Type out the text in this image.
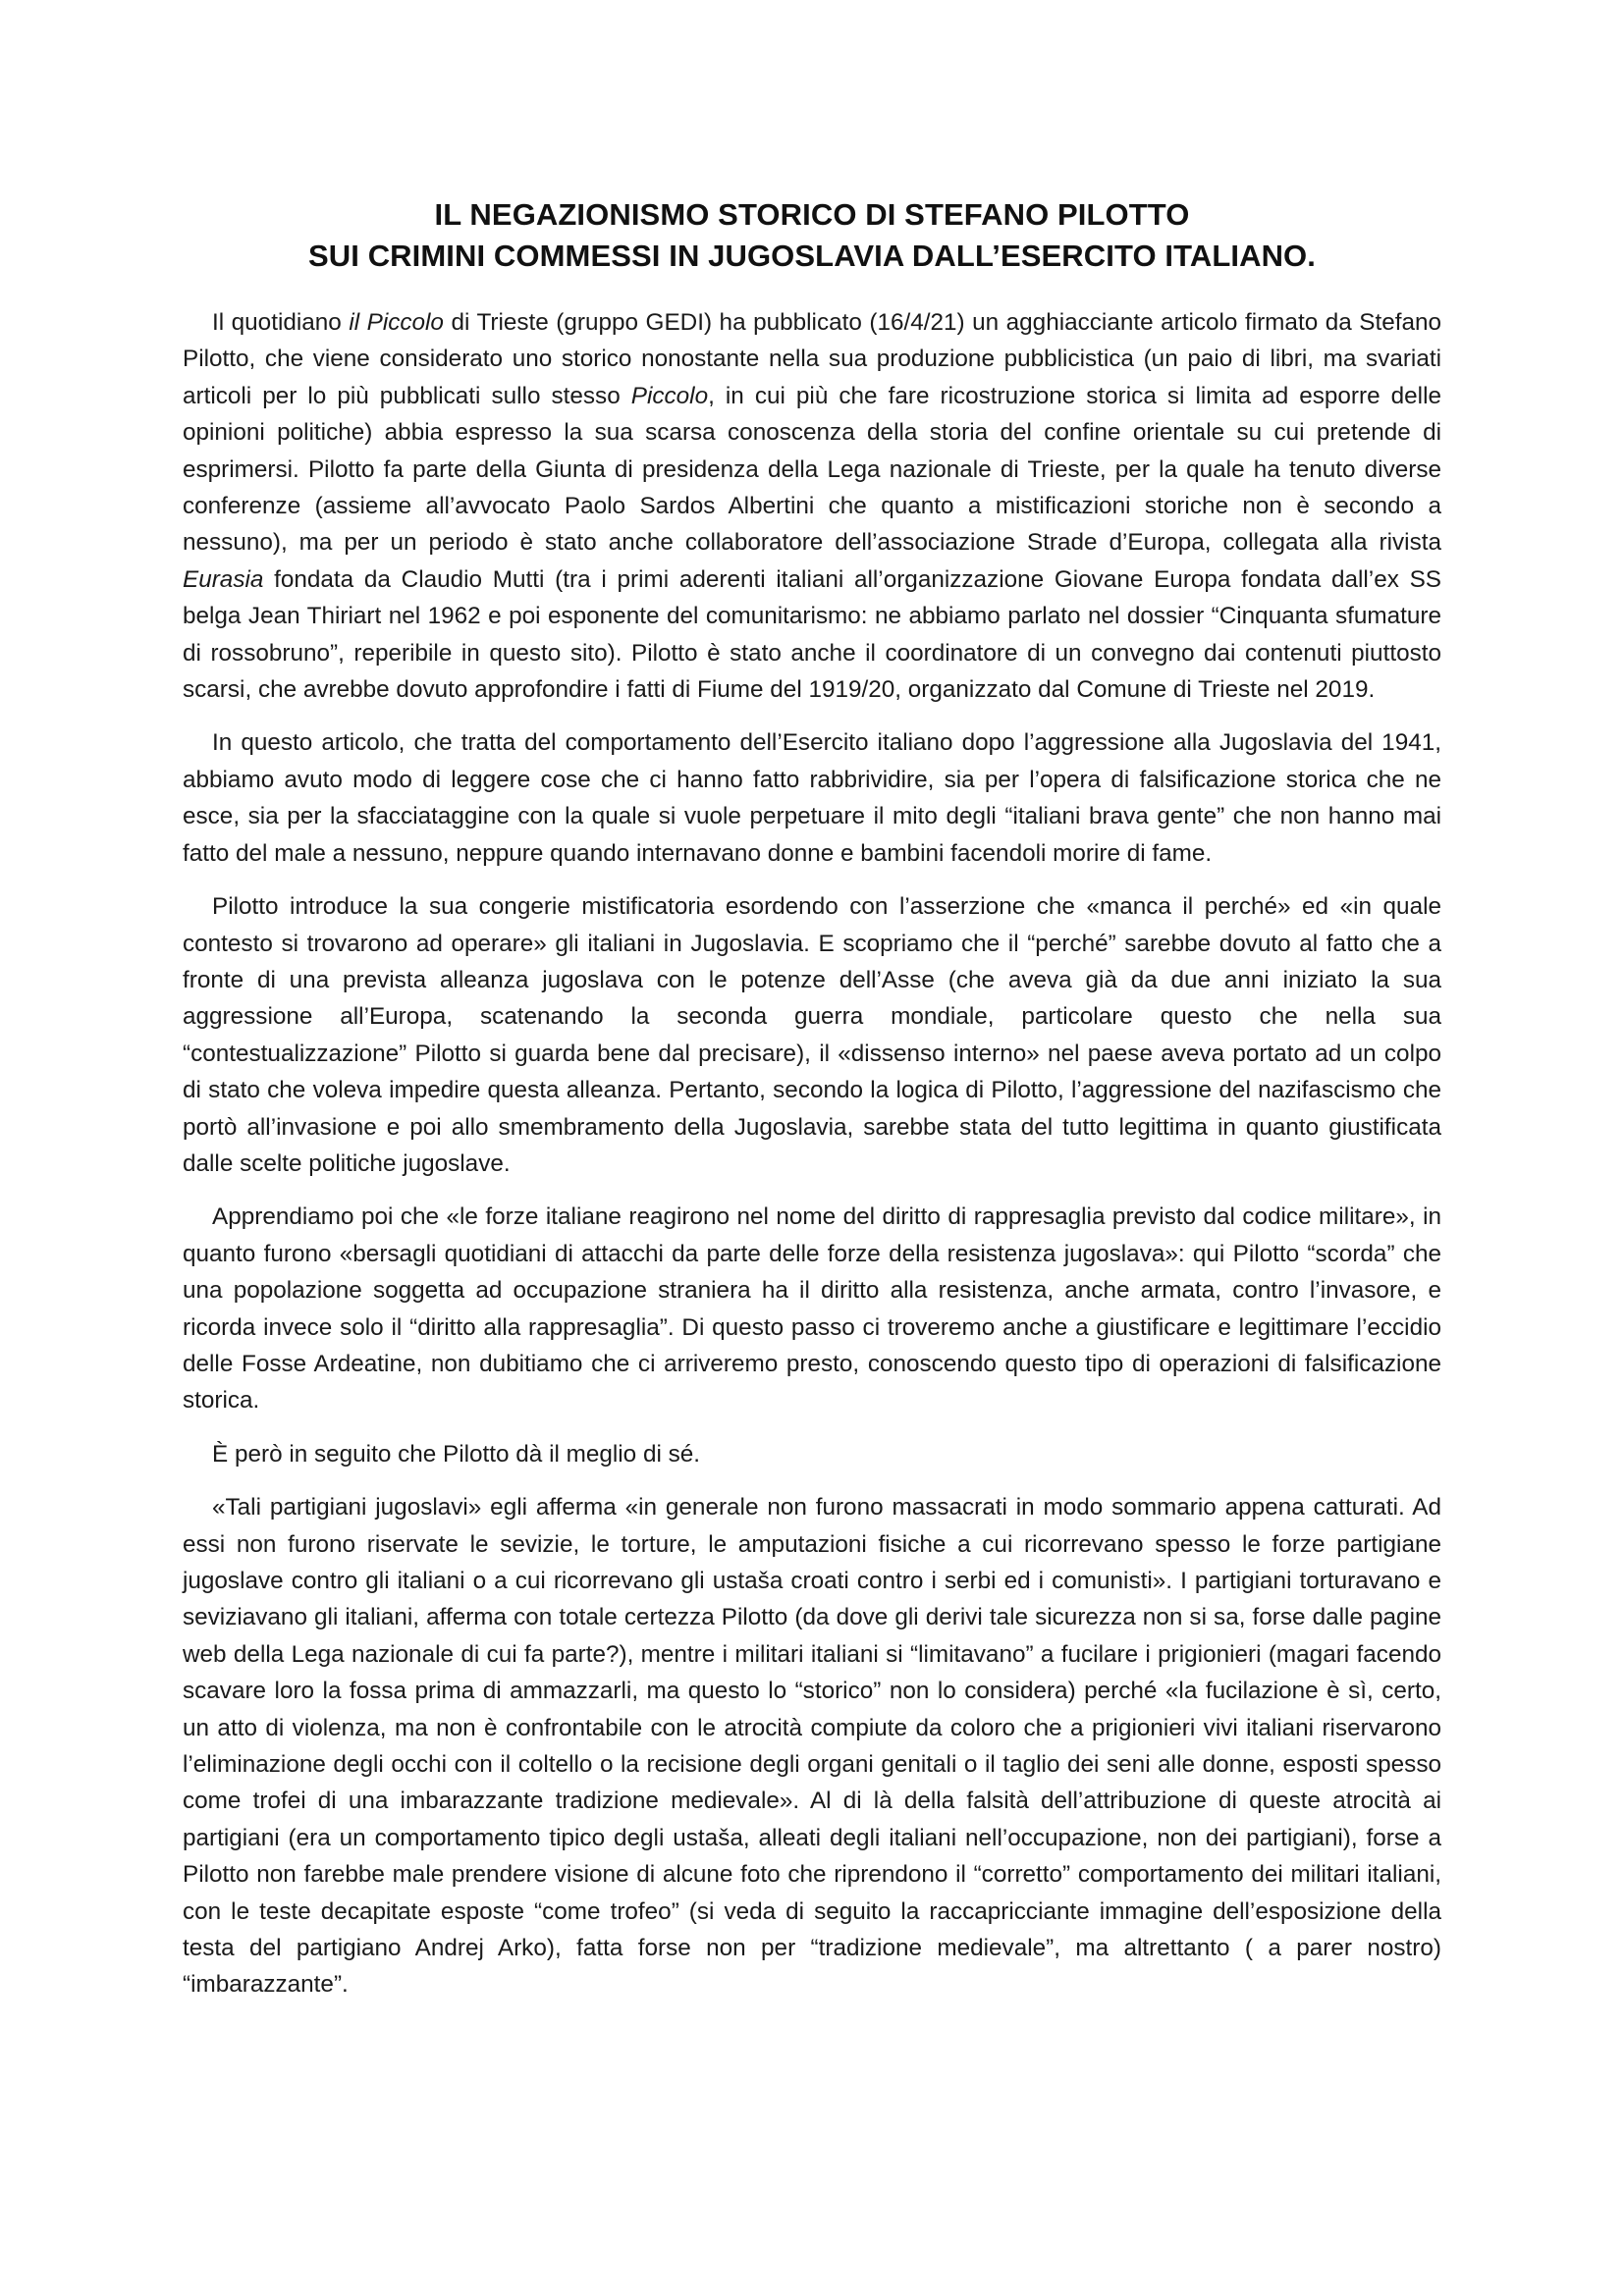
IL NEGAZIONISMO STORICO DI STEFANO PILOTTO

SUI CRIMINI COMMESSI IN JUGOSLAVIA DALL’ESERCITO ITALIANO.

Il quotidiano il Piccolo di Trieste (gruppo GEDI) ha pubblicato (16/4/21) un agghiacciante articolo firmato da Stefano Pilotto, che viene considerato uno storico nonostante nella sua produzione pubblicistica (un paio di libri, ma svariati articoli per lo più pubblicati sullo stesso Piccolo, in cui più che fare ricostruzione storica si limita ad esporre delle opinioni politiche) abbia espresso la sua scarsa conoscenza della storia del confine orientale su cui pretende di esprimersi. Pilotto fa parte della Giunta di presidenza della Lega nazionale di Trieste, per la quale ha tenuto diverse conferenze (assieme all’avvocato Paolo Sardos Albertini che quanto a mistificazioni storiche non è secondo a nessuno), ma per un periodo è stato anche collaboratore dell’associazione Strade d’Europa, collegata alla rivista Eurasia fondata da Claudio Mutti (tra i primi aderenti italiani all’organizzazione Giovane Europa fondata dall’ex SS belga Jean Thiriart nel 1962 e poi esponente del comunitarismo: ne abbiamo parlato nel dossier “Cinquanta sfumature di rossobruno”, reperibile in questo sito). Pilotto è stato anche il coordinatore di un convegno dai contenuti piuttosto scarsi, che avrebbe dovuto approfondire i fatti di Fiume del 1919/20, organizzato dal Comune di Trieste nel 2019.

In questo articolo, che tratta del comportamento dell’Esercito italiano dopo l’aggressione alla Jugoslavia del 1941, abbiamo avuto modo di leggere cose che ci hanno fatto rabbrividire, sia per l’opera di falsificazione storica che ne esce, sia per la sfacciataggine con la quale si vuole perpetuare il mito degli “italiani brava gente” che non hanno mai fatto del male a nessuno, neppure quando internavano donne e bambini facendoli morire di fame.

Pilotto introduce la sua congerie mistificatoria esordendo con l’asserzione che «manca il perché» ed «in quale contesto si trovarono ad operare» gli italiani in Jugoslavia. E scopriamo che il “perché” sarebbe dovuto al fatto che a fronte di una prevista alleanza jugoslava con le potenze dell’Asse (che aveva già da due anni iniziato la sua aggressione all’Europa, scatenando la seconda guerra mondiale, particolare questo che nella sua “contestualizzazione” Pilotto si guarda bene dal precisare), il «dissenso interno» nel paese aveva portato ad un colpo di stato che voleva impedire questa alleanza. Pertanto, secondo la logica di Pilotto, l’aggressione del nazifascismo che portò all’invasione e poi allo smembramento della Jugoslavia, sarebbe stata del tutto legittima in quanto giustificata dalle scelte politiche jugoslave.

Apprendiamo poi che «le forze italiane reagirono nel nome del diritto di rappresaglia previsto dal codice militare», in quanto furono «bersagli quotidiani di attacchi da parte delle forze della resistenza jugoslava»: qui Pilotto “scorda” che una popolazione soggetta ad occupazione straniera ha il diritto alla resistenza, anche armata, contro l’invasore, e ricorda invece solo il “diritto alla rappresaglia”. Di questo passo ci troveremo anche a giustificare e legittimare l’eccidio delle Fosse Ardeatine, non dubitiamo che ci arriveremo presto, conoscendo questo tipo di operazioni di falsificazione storica.

È però in seguito che Pilotto dà il meglio di sé.

«Tali partigiani jugoslavi» egli afferma «in generale non furono massacrati in modo sommario appena catturati. Ad essi non furono riservate le sevizie, le torture, le amputazioni fisiche a cui ricorrevano spesso le forze partigiane jugoslave contro gli italiani o a cui ricorrevano gli ustaša croati contro i serbi ed i comunisti». I partigiani torturavano e seviziavano gli italiani, afferma con totale certezza Pilotto (da dove gli derivi tale sicurezza non si sa, forse dalle pagine web della Lega nazionale di cui fa parte?), mentre i militari italiani si “limitavano” a fucilare i prigionieri (magari facendo scavare loro la fossa prima di ammazzarli, ma questo lo “storico” non lo considera) perché «la fucilazione è sì, certo, un atto di violenza, ma non è confrontabile con le atrocità compiute da coloro che a prigionieri vivi italiani riservarono l’eliminazione degli occhi con il coltello o la recisione degli organi genitali o il taglio dei seni alle donne, esposti spesso come trofei di una imbarazzante tradizione medievale». Al di là della falsità dell’attribuzione di queste atrocità ai partigiani (era un comportamento tipico degli ustaša, alleati degli italiani nell’occupazione, non dei partigiani), forse a Pilotto non farebbe male prendere visione di alcune foto che riprendono il “corretto” comportamento dei militari italiani, con le teste decapitate esposte “come trofeo” (si veda di seguito la raccapricciante immagine dell’esposizione della testa del partigiano Andrej Arko), fatta forse non per “tradizione medievale”, ma altrettanto ( a parer nostro) “imbarazzante”.
